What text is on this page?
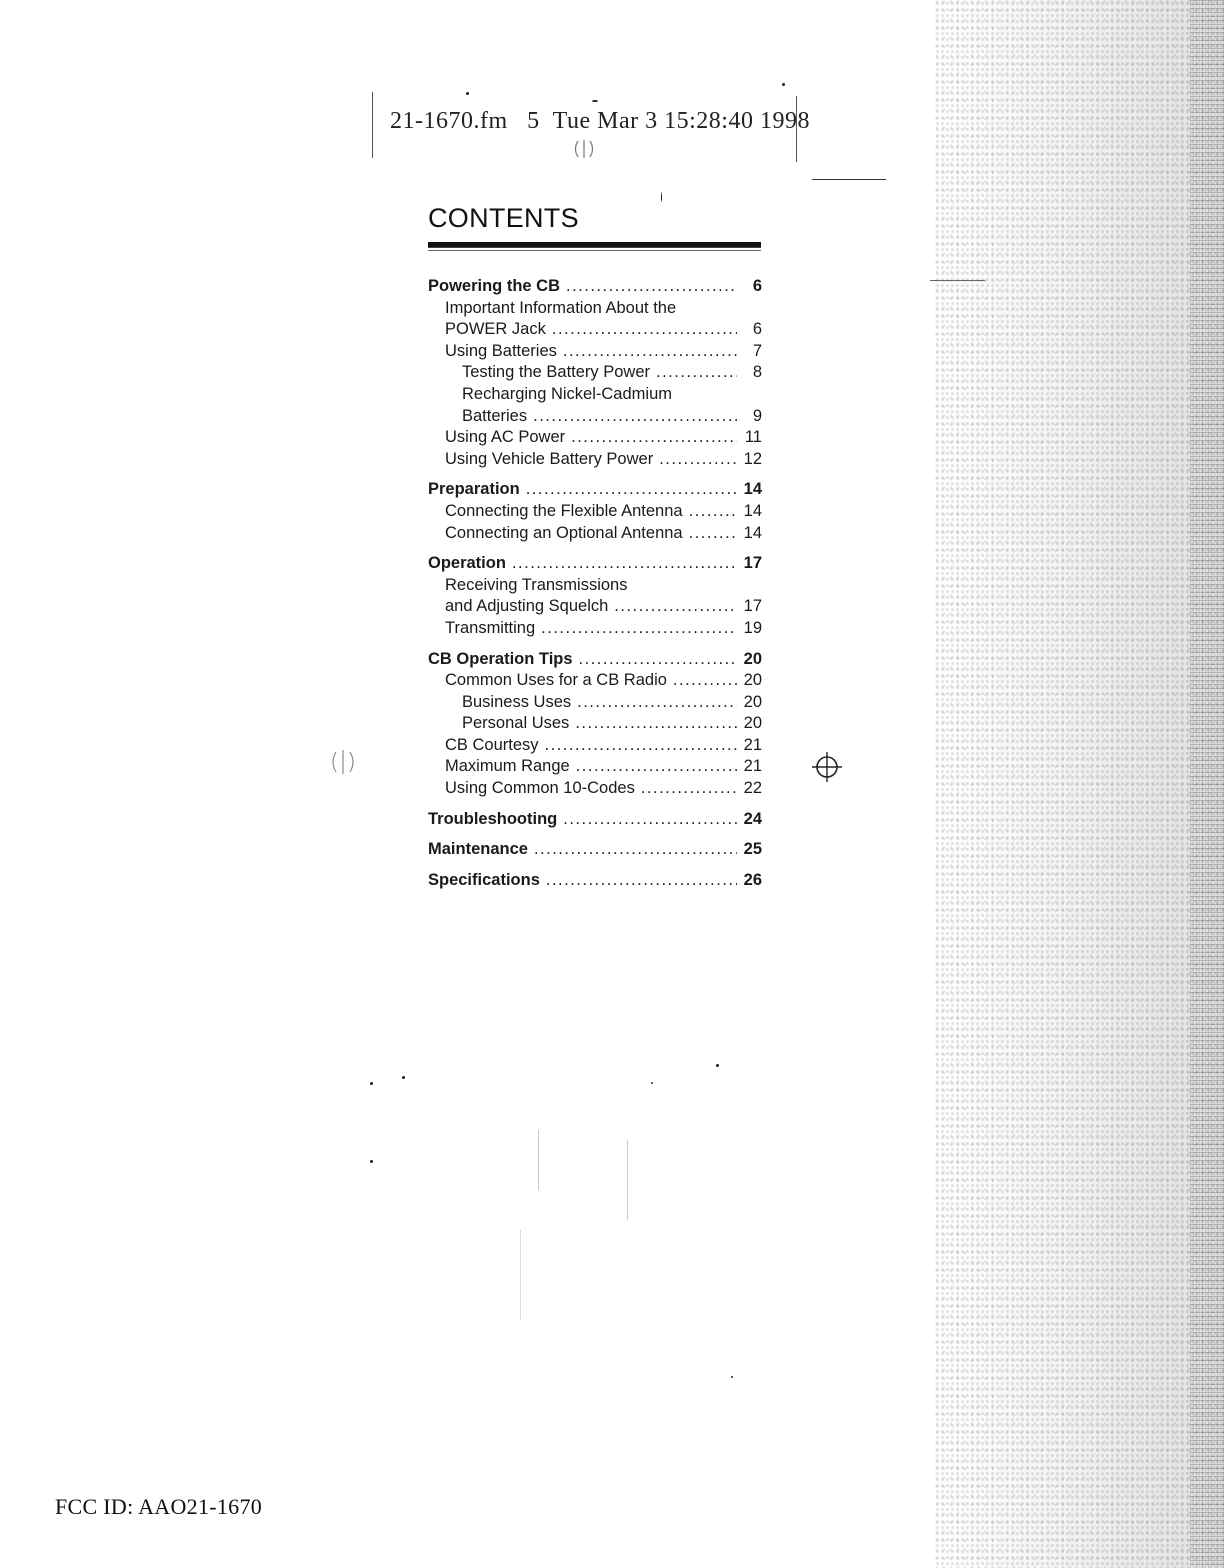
21-1670.fm 5 Tue Mar 3 15:28:40 1998
CONTENTS
Powering the CB .....	6
Important Information About the
POWER Jack .....	6
Using Batteries .....	7
Testing the Battery Power .....	8
Recharging Nickel-Cadmium
Batteries .....	9
Using AC Power .....	11
Using Vehicle Battery Power .....	12
Preparation .....	14
Connecting the Flexible Antenna .....	14
Connecting an Optional Antenna .....	14
Operation .....	17
Receiving Transmissions
and Adjusting Squelch .....	17
Transmitting .....	19
CB Operation Tips .....	20
Common Uses for a CB Radio .....	20
Business Uses .....	20
Personal Uses .....	20
CB Courtesy .....	21
Maximum Range .....	21
Using Common 10-Codes .....	22
Troubleshooting .....	24
Maintenance .....	25
Specifications .....	26
FCC ID: AAO21-1670
